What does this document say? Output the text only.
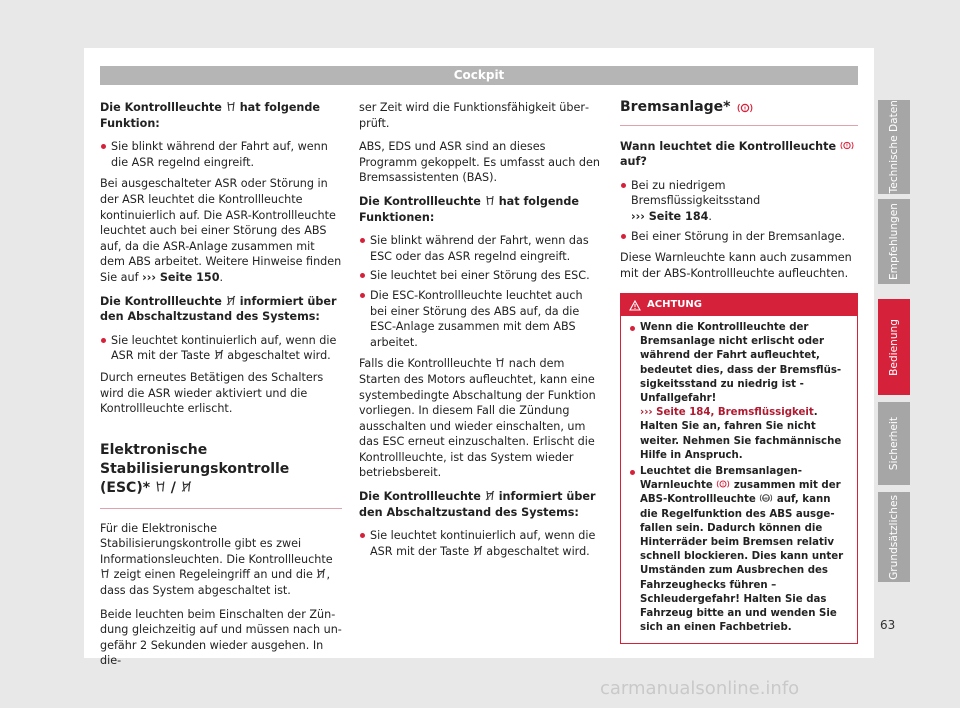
Cockpit

Die Kontrollleuchte hat folgende Funktion:

Sie blinkt während der Fahrt auf, wenn die ASR regelnd eingreift.

Bei ausgeschalteter ASR oder Störung in der ASR leuchtet die Kontrollleuchte kontinuierlich auf. Die ASR-Kontrollleuchte leuchtet auch bei einer Störung des ABS auf, da die ASR-Anlage zusammen mit dem ABS arbeitet. Weitere Hinweise finden Sie auf ››› Seite 150.

Die Kontrollleuchte informiert über den Abschaltzustand des Systems:

Sie leuchtet kontinuierlich auf, wenn die ASR mit der Taste abgeschaltet wird.

Durch erneutes Betätigen des Schalters wird die ASR wieder aktiviert und die Kontrollleuchte erlischt.

Elektronische Stabilisierungskontrolle (ESC)* /

Für die Elektronische Stabilisierungskontrolle gibt es zwei Informationsleuchten. Die Kontrollleuchte  zeigt einen Regeleingriff an und die , dass das System abgeschaltet ist.

Beide leuchten beim Einschalten der Zündung gleichzeitig auf und müssen nach ungefähr 2 Sekunden wieder ausgehen. In die-

ser Zeit wird die Funktionsfähigkeit überprüft.

ABS, EDS und ASR sind an dieses Programm gekoppelt. Es umfasst auch den Bremsassistenten (BAS).

Die Kontrollleuchte hat folgende Funktionen:

Sie blinkt während der Fahrt, wenn das ESC oder das ASR regelnd eingreift.
Sie leuchtet bei einer Störung des ESC.
Die ESC-Kontrollleuchte leuchtet auch bei einer Störung des ABS auf, da die ESC-Anlage zusammen mit dem ABS arbeitet.

Falls die Kontrollleuchte nach dem Starten des Motors aufleuchtet, kann eine systembedingte Abschaltung der Funktion vorliegen. In diesem Fall die Zündung ausschalten und wieder einschalten, um das ESC erneut einzuschalten. Erlischt die Kontrollleuchte, ist das System wieder betriebsbereit.

Die Kontrollleuchte informiert über den Abschaltzustand des Systems:

Sie leuchtet kontinuierlich auf, wenn die ASR mit der Taste abgeschaltet wird.
Bremsanlage* !

Wann leuchtet die Kontrollleuchte !
auf?

Bei zu niedrigem Bremsflüssigkeitsstand
››› Seite 184.
Bei einer Störung in der Bremsanlage.

Diese Warnleuchte kann auch zusammen mit der ABS-Kontrollleuchte aufleuchten.

ACHTUNG
Wenn die Kontrollleuchte der Bremsanlage nicht erlischt oder während der Fahrt aufleuchtet, bedeutet dies, dass der Bremsflüssigkeitsstand zu niedrig ist - Unfallgefahr!
››› Seite 184, Bremsflüssigkeit. Halten Sie an, fahren Sie nicht weiter. Nehmen Sie fachmännische Hilfe in Anspruch.
Leuchtet die Bremsanlagen-Warnleuchte ! zusammen mit der ABS-Kontrollleuchte ABS auf, kann die Regelfunktion des ABS ausgefallen sein. Dadurch können die Hinterräder beim Bremsen relativ schnell blockieren. Dies kann unter Umständen zum Ausbrechen des Fahrzeughecks führen – Schleudergefahr! Halten Sie das Fahrzeug bitte an und wenden Sie sich an einen Fachbetrieb.
Technische Daten
Empfehlungen
Bedienung
Sicherheit
Grundsätzliches
63
carmanualsonline.info
